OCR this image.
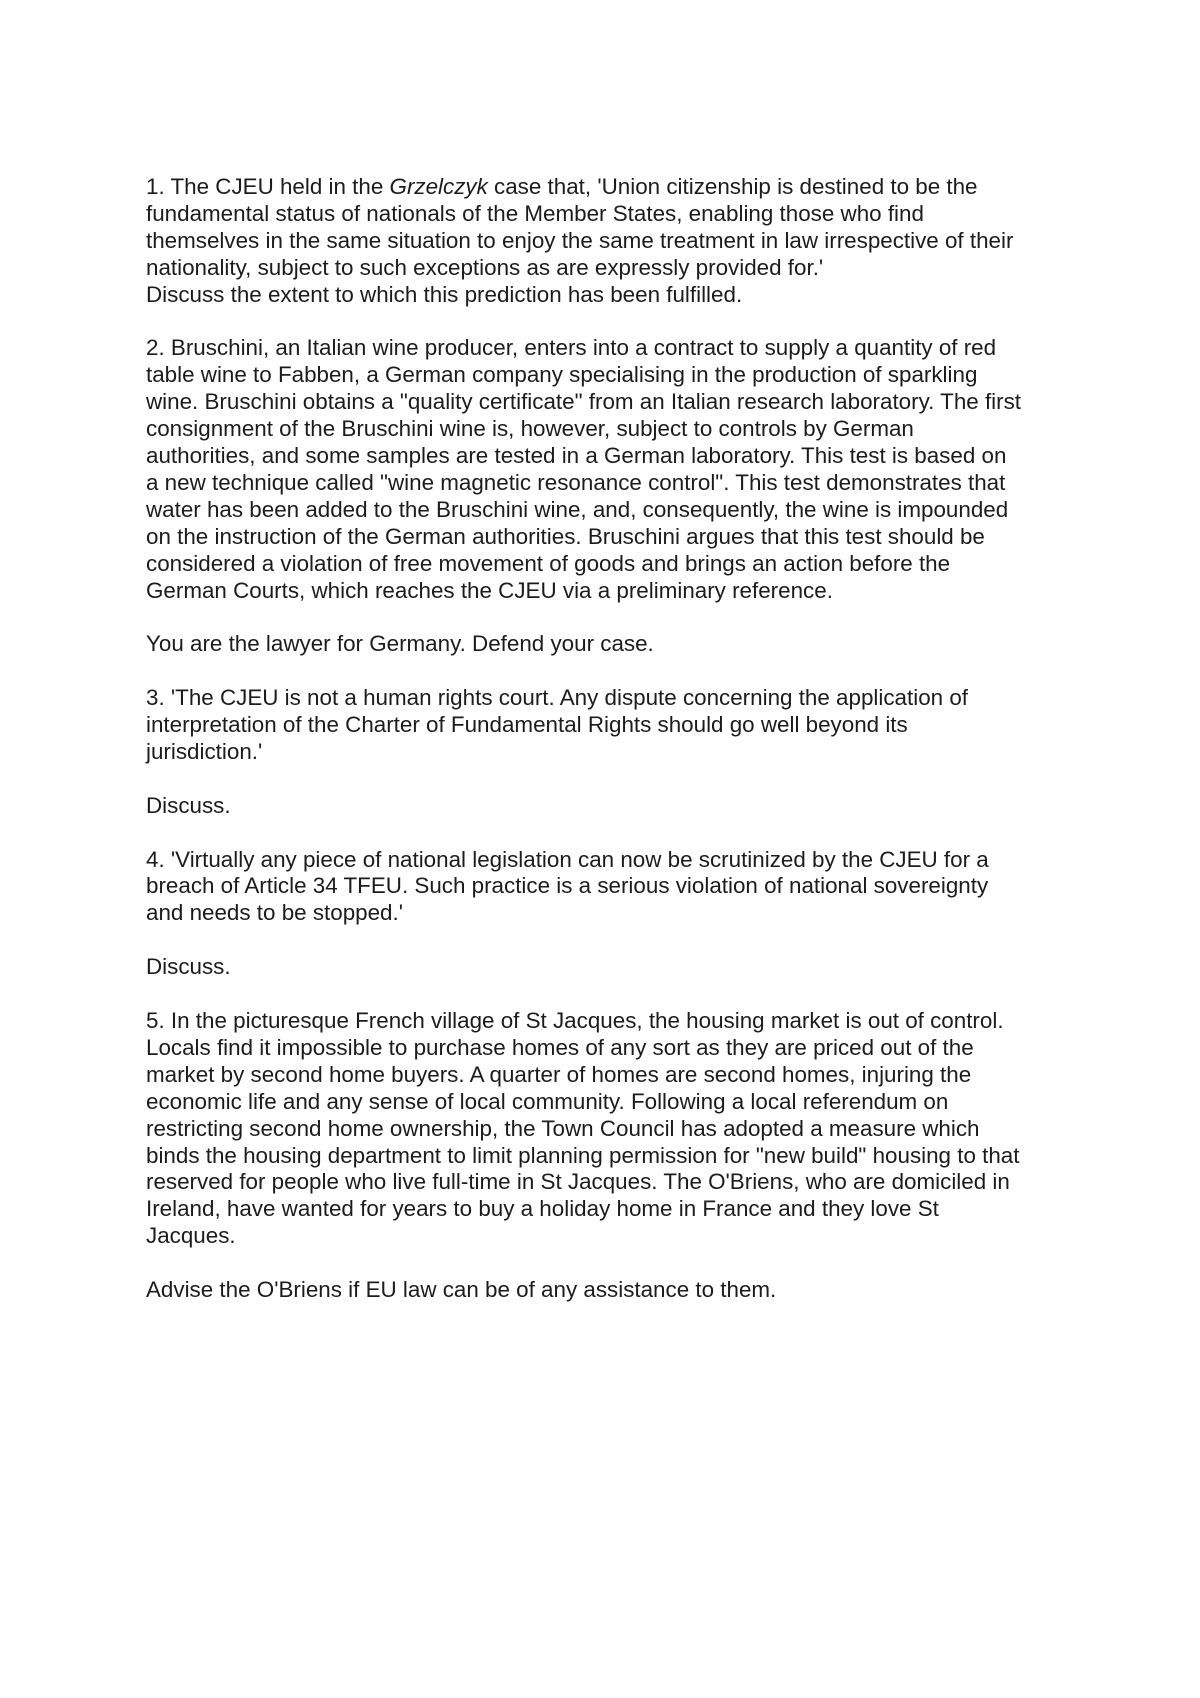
1. The CJEU held in the Grzelczyk case that, 'Union citizenship is destined to be the
fundamental status of nationals of the Member States, enabling those who find
themselves in the same situation to enjoy the same treatment in law irrespective of their
nationality, subject to such exceptions as are expressly provided for.'
Discuss the extent to which this prediction has been fulfilled.
2. Bruschini, an Italian wine producer, enters into a contract to supply a quantity of red
table wine to Fabben, a German company specialising in the production of sparkling
wine. Bruschini obtains a "quality certificate" from an Italian research laboratory. The first
consignment of the Bruschini wine is, however, subject to controls by German
authorities, and some samples are tested in a German laboratory. This test is based on
a new technique called "wine magnetic resonance control". This test demonstrates that
water has been added to the Bruschini wine, and, consequently, the wine is impounded
on the instruction of the German authorities. Bruschini argues that this test should be
considered a violation of free movement of goods and brings an action before the
German Courts, which reaches the CJEU via a preliminary reference.
You are the lawyer for Germany. Defend your case.
3. 'The CJEU is not a human rights court. Any dispute concerning the application of
interpretation of the Charter of Fundamental Rights should go well beyond its
jurisdiction.'
Discuss.
4. 'Virtually any piece of national legislation can now be scrutinized by the CJEU for a
breach of Article 34 TFEU. Such practice is a serious violation of national sovereignty
and needs to be stopped.'
Discuss.
5. In the picturesque French village of St Jacques, the housing market is out of control.
Locals find it impossible to purchase homes of any sort as they are priced out of the
market by second home buyers. A quarter of homes are second homes, injuring the
economic life and any sense of local community. Following a local referendum on
restricting second home ownership, the Town Council has adopted a measure which
binds the housing department to limit planning permission for "new build" housing to that
reserved for people who live full-time in St Jacques. The O'Briens, who are domiciled in
Ireland, have wanted for years to buy a holiday home in France and they love St
Jacques.
Advise the O'Briens if EU law can be of any assistance to them.
